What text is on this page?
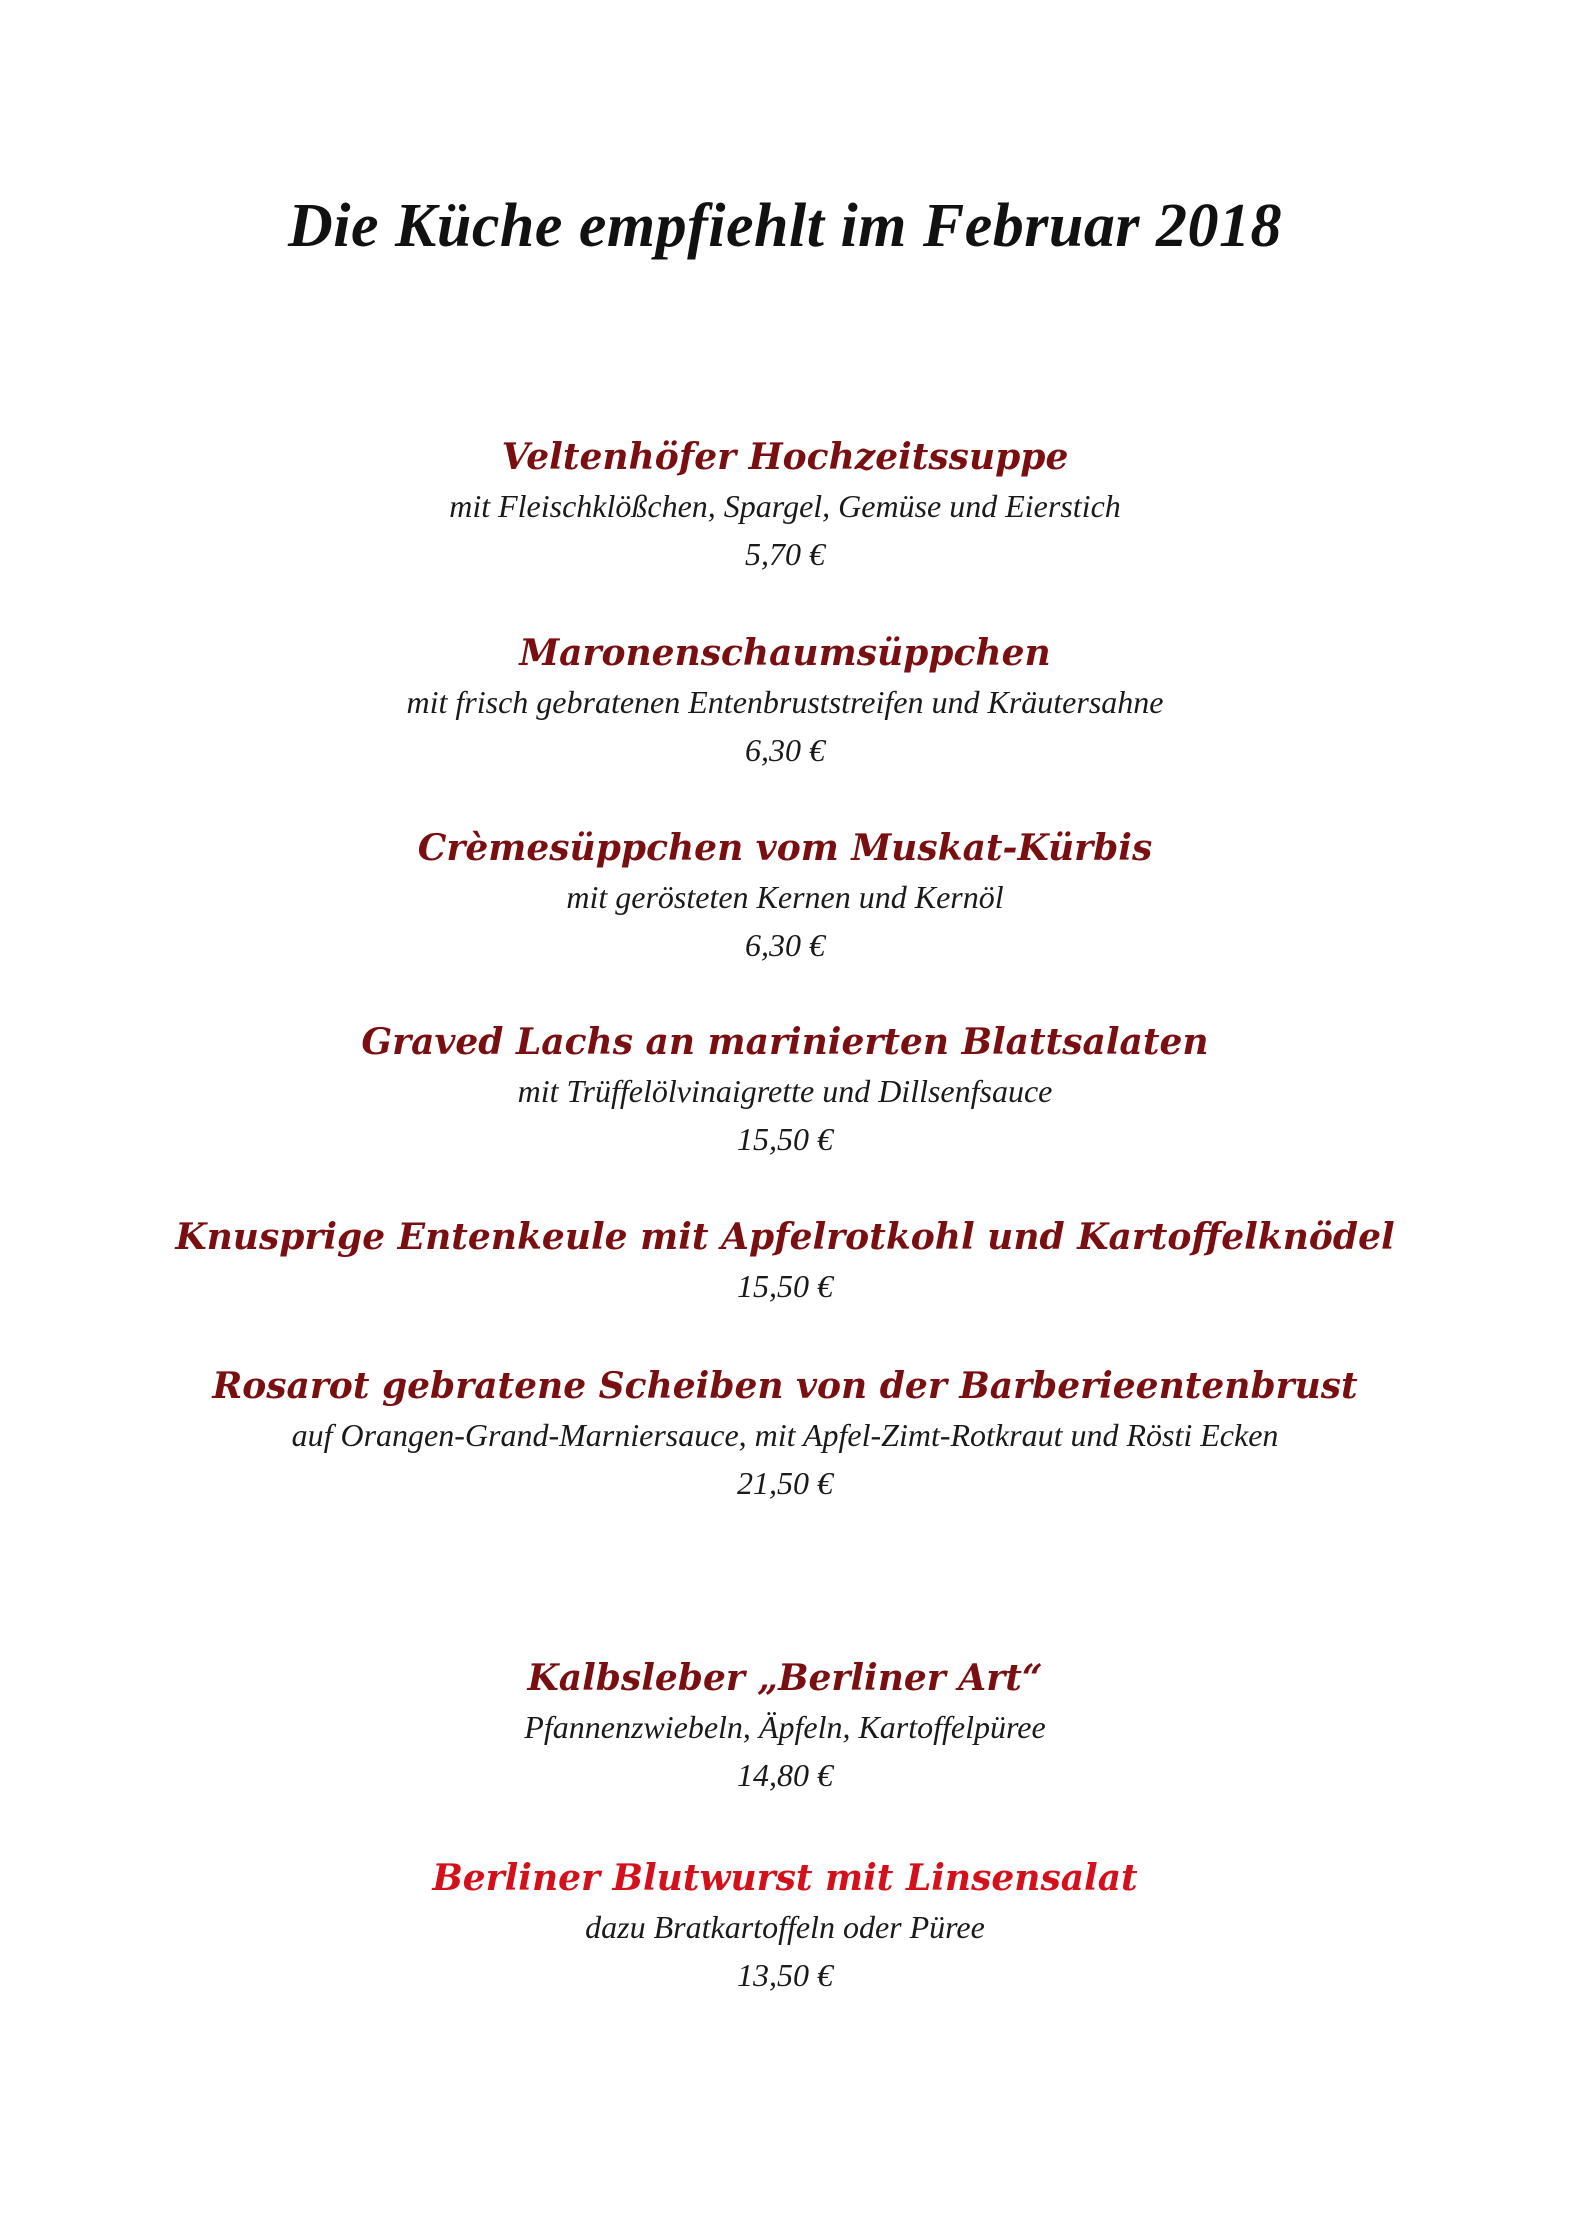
Die Küche empfiehlt im Februar 2018
Veltenhöfer Hochzeitssuppe
mit Fleischklößchen, Spargel, Gemüse und Eierstich
5,70 €
Maronenschaumsüppchen
mit frisch gebratenen Entenbruststreifen und Kräutersahne
6,30 €
Crèmesüppchen vom Muskat-Kürbis
mit gerösteten Kernen und Kernöl
6,30 €
Graved Lachs an marinierten Blattsalaten
mit Trüffelölvinaigrette und Dillsenfsauce
15,50 €
Knusprige Entenkeule mit Apfelrotkohl und Kartoffelknödel
15,50 €
Rosarot gebratene Scheiben von der Barberieentenbrust
auf Orangen-Grand-Marniersauce, mit Apfel-Zimt-Rotkraut und Rösti Ecken
21,50 €
Kalbsleber „Berliner Art“
Pfannenzwiebeln, Äpfeln, Kartoffelpüree
14,80 €
Berliner Blutwurst mit Linsensalat
dazu Bratkartoffeln oder Püree
13,50 €
